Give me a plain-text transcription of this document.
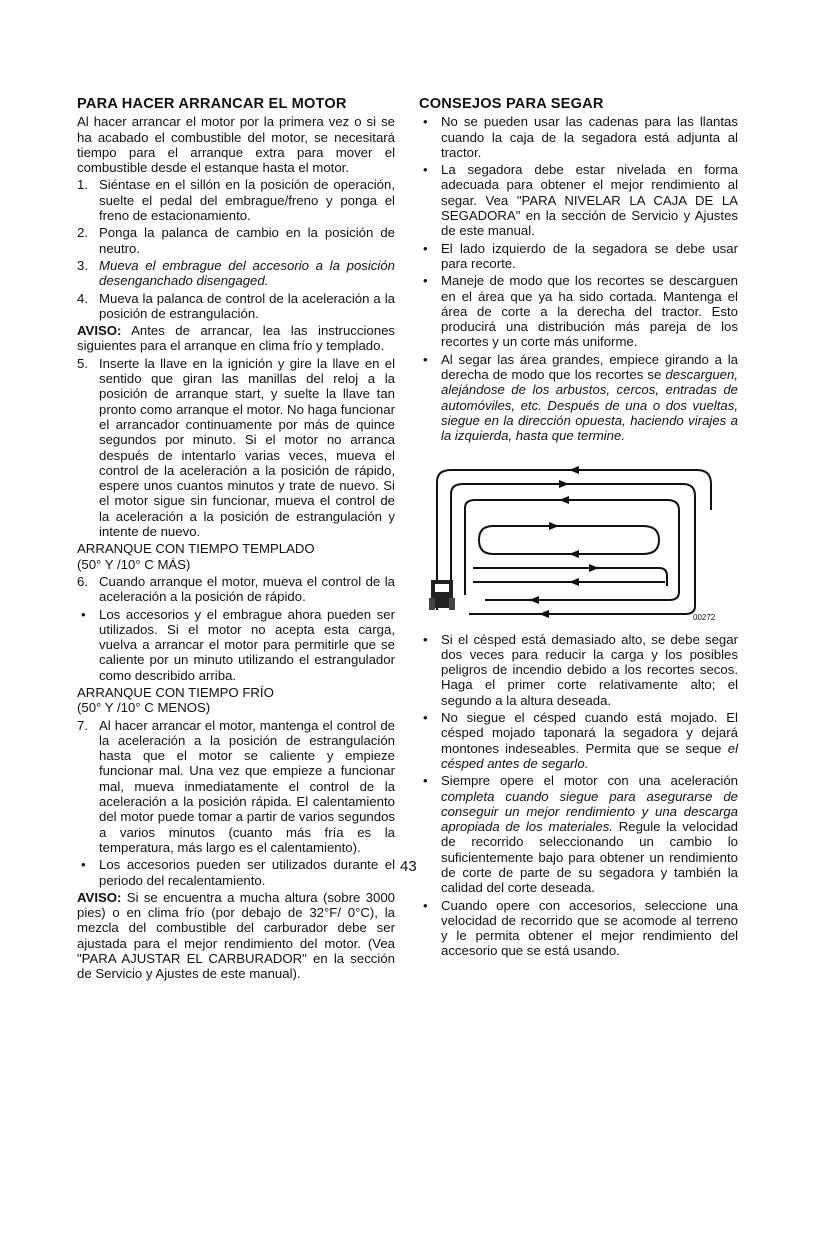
PARA HACER ARRANCAR EL MOTOR

Al hacer arrancar el motor por la primera vez o si se ha acabado el combustible del motor, se necesitará tiempo para el arranque extra para mover el combustible desde el estanque hasta el motor.

1. Siéntase en el sillón en la posición de operación, suelte el pedal del embrague/freno y ponga el freno de estacionamiento.
2. Ponga la palanca de cambio en la posición de neutro.
3. Mueva el embrague del accesorio a la posición desenganchado disengaged.
4. Mueva la palanca de control de la aceleración a la posición de estrangulación.

AVISO: Antes de arrancar, lea las instrucciones siguientes para el arranque en clima frío y templado.

5. Inserte la llave en la ignición y gire la llave en el sentido que giran las manillas del reloj a la posición de arranque start, y suelte la llave tan pronto como arranque el motor. No haga funcionar el arrancador continuamente por más de quince segundos por minuto. Si el motor no arranca después de intentarlo varias veces, mueva el control de la aceleración a la posición de rápido, espere unos cuantos minutos y trate de nuevo. Si el motor sigue sin funcionar, mueva el control de la aceleración a la posición de estrangulación y intente de nuevo.

ARRANQUE CON TIEMPO TEMPLADO

(50° Y /10° C MÁS)

6. Cuando arranque el motor, mueva el control de la aceleración a la posición de rápido.
•	Los accesorios y el embrague ahora pueden ser utilizados. Si el motor no acepta esta carga, vuelva a arrancar el motor para permitirle que se caliente por un minuto utilizando el estrangulador como describido arriba.

ARRANQUE CON TIEMPO FRÍO

(50° Y /10° C MENOS)

7. Al hacer arrancar el motor, mantenga el control de la aceleración a la posición de estrangulación hasta que el motor se caliente y empieze funcionar mal. Una vez que empieze a funcionar mal, mueva inmediatamente el control de la aceleración a la posición rápida. El calentamiento del motor puede tomar a partir de varios segundos a varios minutos (cuanto más fría es la temperatura, más largo es el calentamiento).
•	Los accesorios pueden ser utilizados durante el periodo del recalentamiento.

AVISO: Si se encuentra a mucha altura (sobre 3000 pies) o en clima frío (por debajo de 32°F/ 0°C), la mezcla del combustible del carburador debe ser ajustada para el mejor rendimiento del motor. (Vea "PARA AJUSTAR EL CARBURADOR" en la sección de Servicio y Ajustes de este manual).

CONSEJOS PARA SEGAR
•	No se pueden usar las cadenas para las llantas cuando la caja de la segadora está adjunta al tractor.
•	La segadora debe estar nivelada en forma adecuada para obtener el mejor rendimiento al segar. Vea "PARA NIVELAR LA CAJA DE LA SEGADORA" en la sección de Servicio y Ajustes de este manual.
•	El lado izquierdo de la segadora se debe usar para recorte.
•	Maneje de modo que los recortes se descarguen en el área que ya ha sido cortada. Mantenga el área de corte a la derecha del tractor. Esto producirá una distribución más pareja de los recortes y un corte más uniforme.
•	Al segar las área grandes, empiece girando a la derecha de modo que los recortes se descarguen, alejándose de los arbustos, cercos, entradas de automóviles, etc. Después de una o dos vueltas, siegue en la dirección opuesta, haciendo virajes a la izquierda, hasta que termine.
00272
•	Si el césped está demasiado alto, se debe segar dos veces para reducir la carga y los posibles peligros de incendio debido a los recortes secos. Haga el primer corte relativamente alto; el segundo a la altura deseada.
•	No siegue el césped cuando está mojado. El césped mojado taponará la segadora y dejará montones indeseables. Permita que se seque el césped antes de segarlo.
•	Siempre opere el motor con una aceleración completa cuando siegue para asegurarse de conseguir un mejor rendimiento y una descarga apropiada de los materiales. Regule la velocidad de recorrido seleccionando un cambio lo suficientemente bajo para obtener un rendimiento de corte de parte de su segadora y también la calidad del corte deseada.
•	Cuando opere con accesorios, seleccione una velocidad de recorrido que se acomode al terreno y le permita obtener el mejor rendimiento del accesorio que se está usando.
43
